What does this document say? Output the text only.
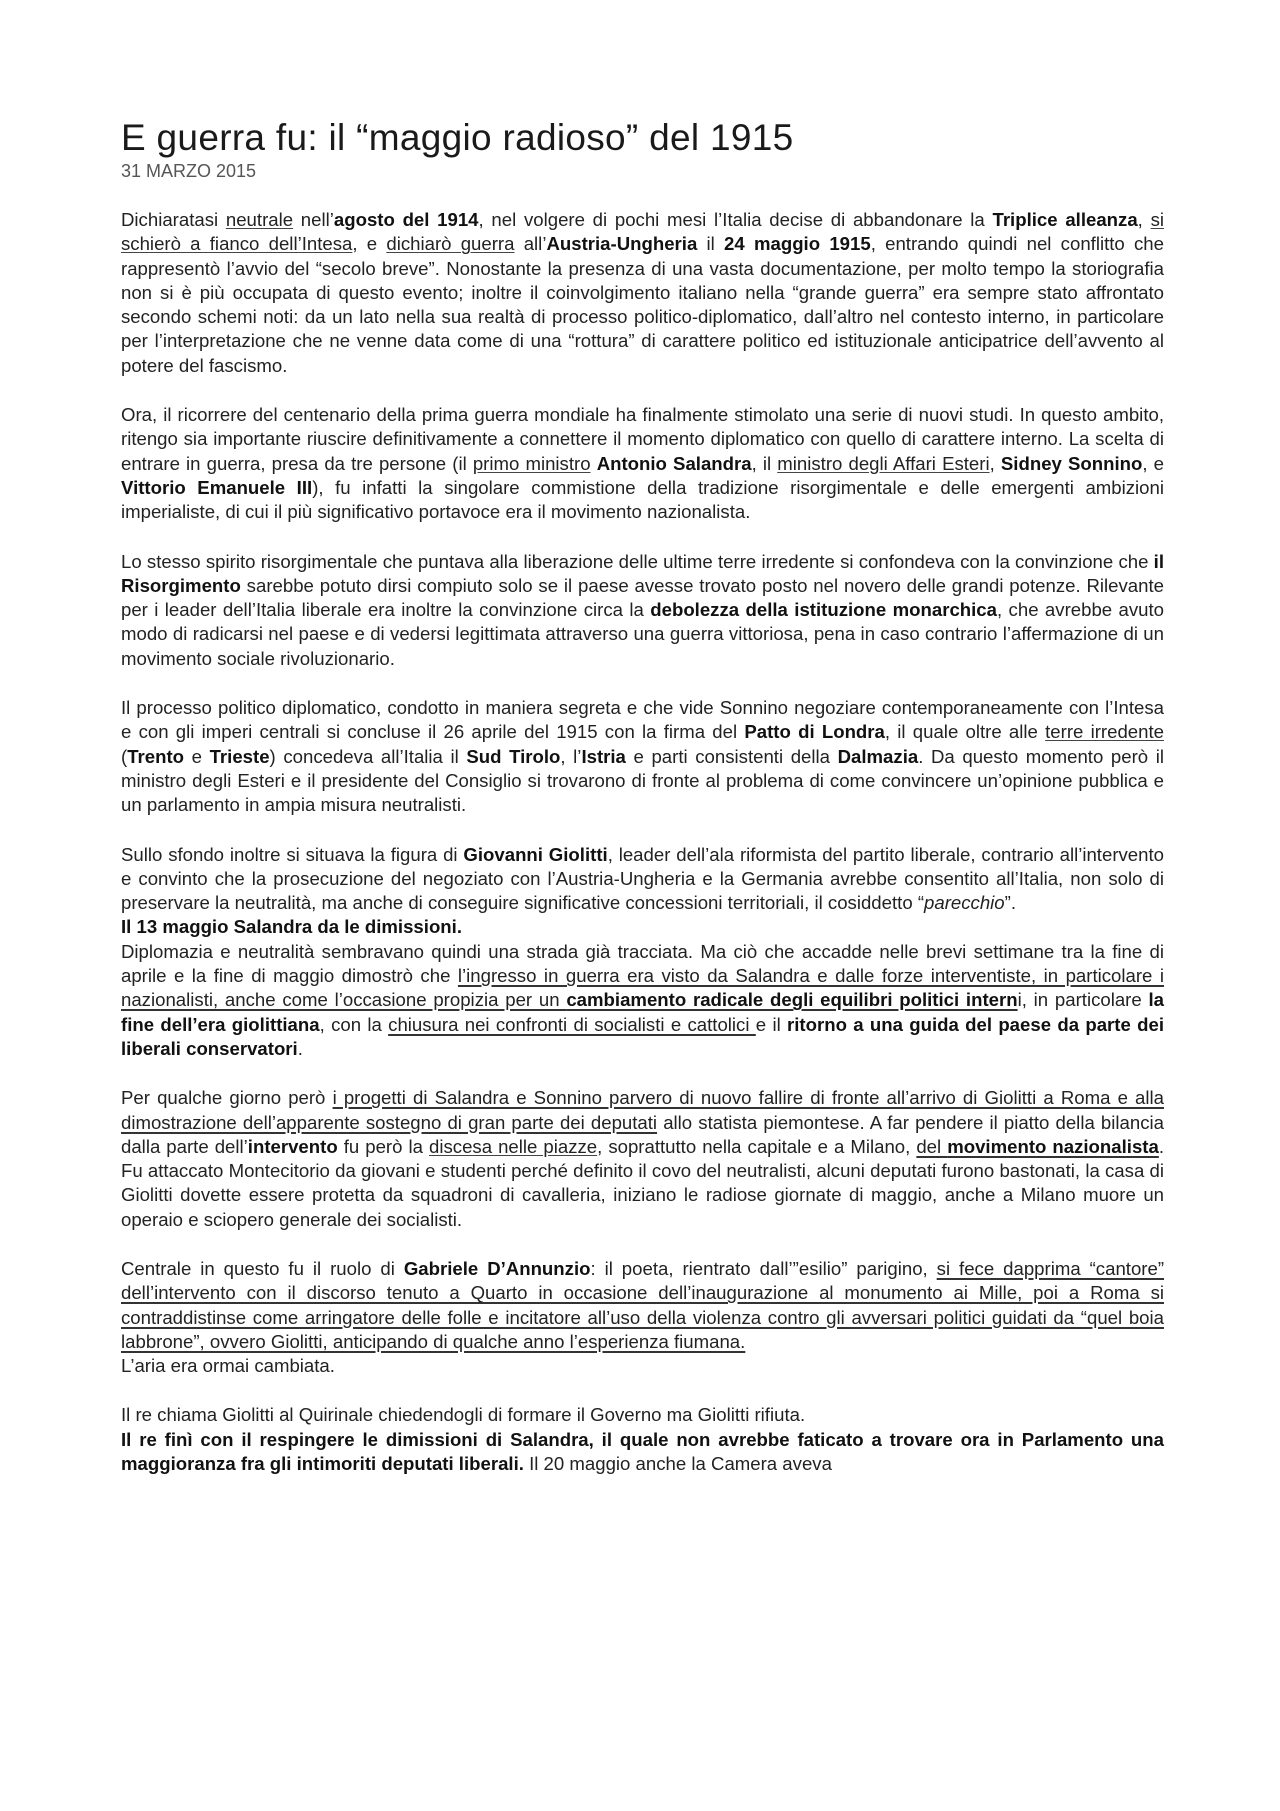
E guerra fu: il “maggio radioso” del 1915
31 MARZO 2015

Dichiaratasi neutrale nell’agosto del 1914, nel volgere di pochi mesi l’Italia decise di abbandonare la Triplice alleanza, si schierò a fianco dell’Intesa, e dichiarò guerra all’Austria-Ungheria il 24 maggio 1915, entrando quindi nel conflitto che rappresentò l’avvio del “secolo breve”. Nonostante la presenza di una vasta documentazione, per molto tempo la storiografia non si è più occupata di questo evento; inoltre il coinvolgimento italiano nella “grande guerra” era sempre stato affrontato secondo schemi noti: da un lato nella sua realtà di processo politico-diplomatico, dall’altro nel contesto interno, in particolare per l’interpretazione che ne venne data come di una “rottura” di carattere politico ed istituzionale anticipatrice dell’avvento al potere del fascismo.

Ora, il ricorrere del centenario della prima guerra mondiale ha finalmente stimolato una serie di nuovi studi. In questo ambito, ritengo sia importante riuscire definitivamente a connettere il momento diplomatico con quello di carattere interno. La scelta di entrare in guerra, presa da tre persone (il primo ministro Antonio Salandra, il ministro degli Affari Esteri, Sidney Sonnino, e Vittorio Emanuele III), fu infatti la singolare commistione della tradizione risorgimentale e delle emergenti ambizioni imperialiste, di cui il più significativo portavoce era il movimento nazionalista.

Lo stesso spirito risorgimentale che puntava alla liberazione delle ultime terre irredente si confondeva con la convinzione che il Risorgimento sarebbe potuto dirsi compiuto solo se il paese avesse trovato posto nel novero delle grandi potenze. Rilevante per i leader dell’Italia liberale era inoltre la convinzione circa la debolezza della istituzione monarchica, che avrebbe avuto modo di radicarsi nel paese e di vedersi legittimata attraverso una guerra vittoriosa, pena in caso contrario l’affermazione di un movimento sociale rivoluzionario.

Il processo politico diplomatico, condotto in maniera segreta e che vide Sonnino negoziare contemporaneamente con l’Intesa e con gli imperi centrali si concluse il 26 aprile del 1915 con la firma del Patto di Londra, il quale oltre alle terre irredente (Trento e Trieste) concedeva all’Italia il Sud Tirolo, l’Istria e parti consistenti della Dalmazia. Da questo momento però il ministro degli Esteri e il presidente del Consiglio si trovarono di fronte al problema di come convincere un’opinione pubblica e un parlamento in ampia misura neutralisti.

Sullo sfondo inoltre si situava la figura di Giovanni Giolitti, leader dell’ala riformista del partito liberale, contrario all’intervento e convinto che la prosecuzione del negoziato con l’Austria-Ungheria e la Germania avrebbe consentito all’Italia, non solo di preservare la neutralità, ma anche di conseguire significative concessioni territoriali, il cosiddetto “parecchio”.

Il 13 maggio Salandra da le dimissioni.

Diplomazia e neutralità sembravano quindi una strada già tracciata. Ma ciò che accadde nelle brevi settimane tra la fine di aprile e la fine di maggio dimostrò che l’ingresso in guerra era visto da Salandra e dalle forze interventiste, in particolare i nazionalisti, anche come l’occasione propizia per un cambiamento radicale degli equilibri politici interni, in particolare la fine dell’era giolittiana, con la chiusura nei confronti di socialisti e cattolici e il ritorno a una guida del paese da parte dei liberali conservatori.

Per qualche giorno però i progetti di Salandra e Sonnino parvero di nuovo fallire di fronte all’arrivo di Giolitti a Roma e alla dimostrazione dell’apparente sostegno di gran parte dei deputati allo statista piemontese. A far pendere il piatto della bilancia dalla parte dell’intervento fu però la discesa nelle piazze, soprattutto nella capitale e a Milano, del movimento nazionalista. Fu attaccato Montecitorio da giovani e studenti perché definito il covo del neutralisti, alcuni deputati furono bastonati, la casa di Giolitti dovette essere protetta da squadroni di cavalleria, iniziano le radiose giornate di maggio, anche a Milano muore un operaio e sciopero generale dei socialisti.

Centrale in questo fu il ruolo di Gabriele D’Annunzio: il poeta, rientrato dall’”esilio” parigino, si fece dapprima “cantore” dell’intervento con il discorso tenuto a Quarto in occasione dell’inaugurazione al monumento ai Mille, poi a Roma si contraddistinse come arringatore delle folle e incitatore all’uso della violenza contro gli avversari politici guidati da “quel boia labbrone”, ovvero Giolitti, anticipando di qualche anno l’esperienza fiumana.

L’aria era ormai cambiata.

Il re chiama Giolitti al Quirinale chiedendogli di formare il Governo ma Giolitti rifiuta.

Il re finì con il respingere le dimissioni di Salandra, il quale non avrebbe faticato a trovare ora in Parlamento una maggioranza fra gli intimoriti deputati liberali. Il 20 maggio anche la Camera aveva
